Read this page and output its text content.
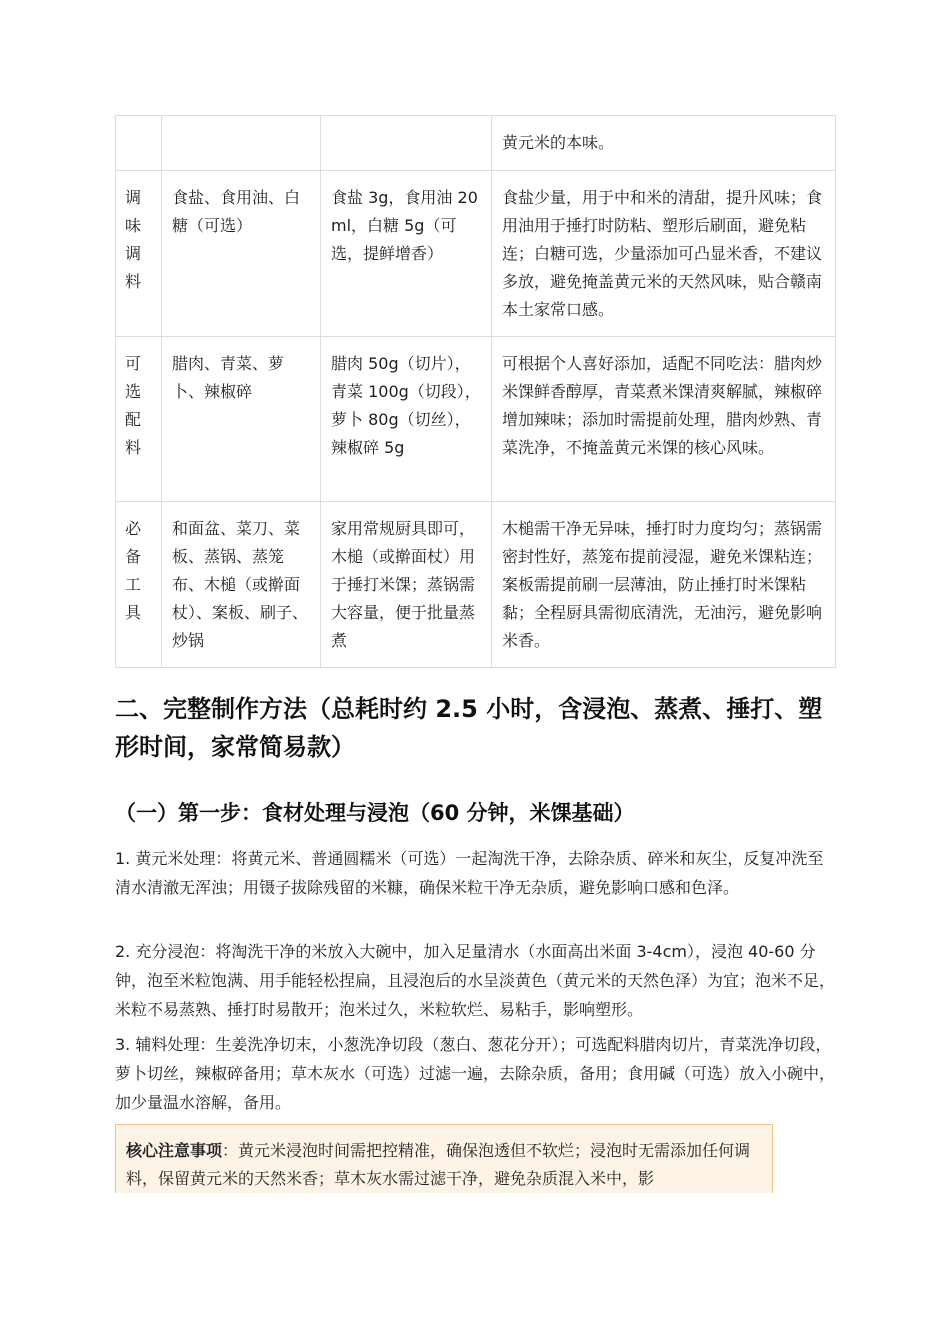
			黄元米的本味。
调味调料	食盐、食用油、白糖（可选）	食盐 3g，食用油 20ml，白糖 5g（可选，提鲜增香）	食盐少量，用于中和米的清甜，提升风味；食用油用于捶打时防粘、塑形后刷面，避免粘连；白糖可选，少量添加可凸显米香，不建议多放，避免掩盖黄元米的天然风味，贴合赣南本土家常口感。
可选配料	腊肉、青菜、萝卜、辣椒碎	腊肉 50g（切片），青菜 100g（切段），萝卜 80g（切丝），辣椒碎 5g	可根据个人喜好添加，适配不同吃法：腊肉炒米馃鲜香醇厚，青菜煮米馃清爽解腻，辣椒碎增加辣味；添加时需提前处理，腊肉炒熟、青菜洗净，不掩盖黄元米馃的核心风味。
必备工具	和面盆、菜刀、菜板、蒸锅、蒸笼布、木槌（或擀面杖）、案板、刷子、炒锅	家用常规厨具即可，木槌（或擀面杖）用于捶打米馃；蒸锅需大容量，便于批量蒸煮	木槌需干净无异味，捶打时力度均匀；蒸锅需密封性好，蒸笼布提前浸湿，避免米馃粘连；案板需提前刷一层薄油，防止捶打时米馃粘黏；全程厨具需彻底清洗，无油污，避免影响米香。
二、完整制作方法（总耗时约 2.5 小时，含浸泡、蒸煮、捶打、塑形时间，家常简易款）
（一）第一步：食材处理与浸泡（60 分钟，米馃基础）

1. 黄元米处理：将黄元米、普通圆糯米（可选）一起淘洗干净，去除杂质、碎米和灰尘，反复冲洗至清水清澈无浑浊；用镊子拔除残留的米糠，确保米粒干净无杂质，避免影响口感和色泽。

2. 充分浸泡：将淘洗干净的米放入大碗中，加入足量清水（水面高出米面 3-4cm），浸泡 40-60 分钟，泡至米粒饱满、用手能轻松捏扁，且浸泡后的水呈淡黄色（黄元米的天然色泽）为宜；泡米不足，米粒不易蒸熟、捶打时易散开；泡米过久，米粒软烂、易粘手，影响塑形。

3. 辅料处理：生姜洗净切末，小葱洗净切段（葱白、葱花分开）；可选配料腊肉切片，青菜洗净切段，萝卜切丝，辣椒碎备用；草木灰水（可选）过滤一遍，去除杂质，备用；食用碱（可选）放入小碗中，加少量温水溶解，备用。

核心注意事项：黄元米浸泡时间需把控精准，确保泡透但不软烂；浸泡时无需添加任何调料，保留黄元米的天然米香；草木灰水需过滤干净，避免杂质混入米中，影
